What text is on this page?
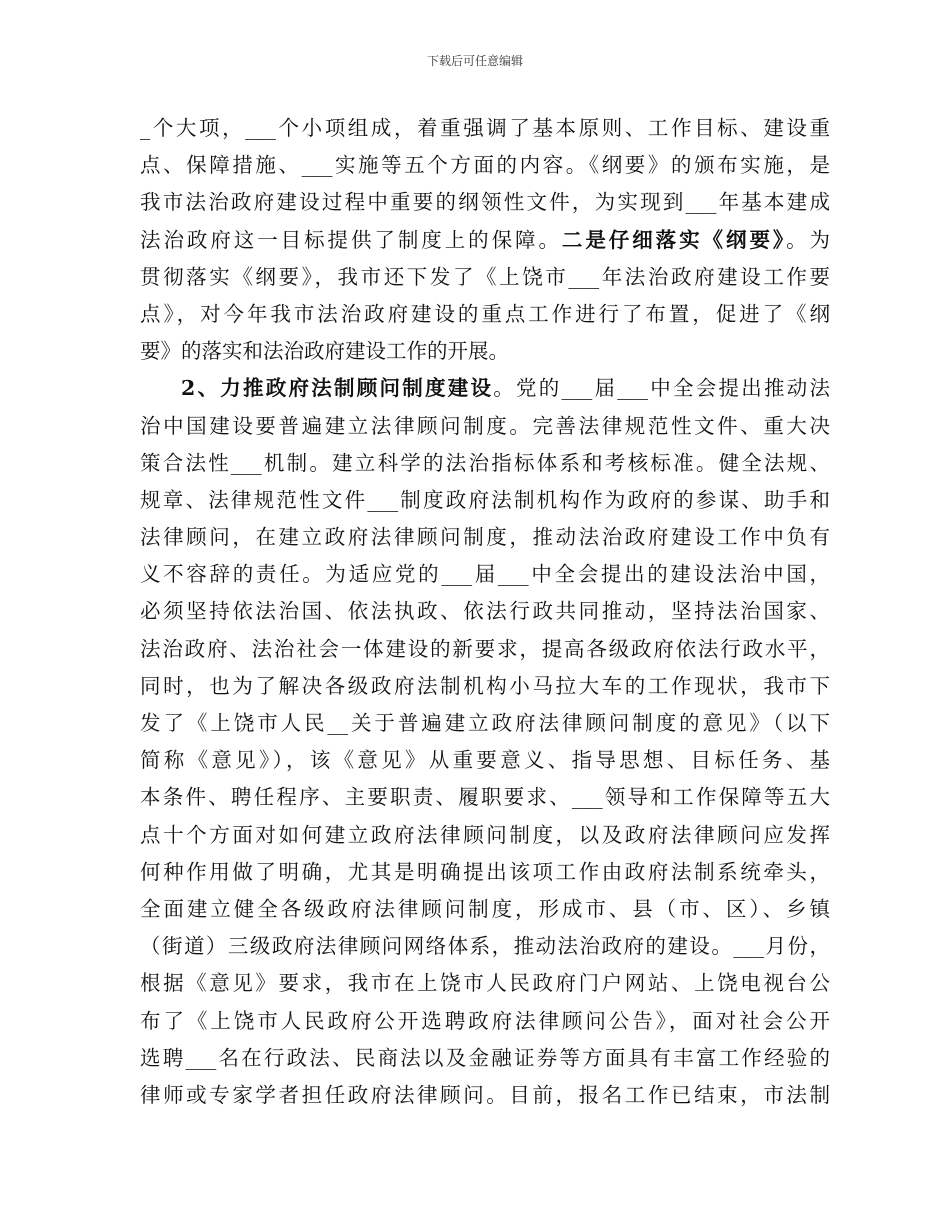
下载后可任意编辑
_个大项，___个小项组成，着重强调了基本原则、工作目标、建设重
点、保障措施、___实施等五个方面的内容。《纲要》的颁布实施，是
我市法治政府建设过程中重要的纲领性文件，为实现到___年基本建成
法治政府这一目标提供了制度上的保障。二是仔细落实《纲要》。为
贯彻落实《纲要》，我市还下发了《上饶市___年法治政府建设工作要
点》，对今年我市法治政府建设的重点工作进行了布置，促进了《纲
要》的落实和法治政府建设工作的开展。
2、力推政府法制顾问制度建设。党的___届___中全会提出推动法
治中国建设要普遍建立法律顾问制度。完善法律规范性文件、重大决
策合法性___机制。建立科学的法治指标体系和考核标准。健全法规、
规章、法律规范性文件___制度政府法制机构作为政府的参谋、助手和
法律顾问，在建立政府法律顾问制度，推动法治政府建设工作中负有
义不容辞的责任。为适应党的___届___中全会提出的建设法治中国，
必须坚持依法治国、依法执政、依法行政共同推动，坚持法治国家、
法治政府、法治社会一体建设的新要求，提高各级政府依法行政水平，
同时，也为了解决各级政府法制机构小马拉大车的工作现状，我市下
发了《上饶市人民__关于普遍建立政府法律顾问制度的意见》（以下
简称《意见》），该《意见》从重要意义、指导思想、目标任务、基
本条件、聘任程序、主要职责、履职要求、___领导和工作保障等五大
点十个方面对如何建立政府法律顾问制度，以及政府法律顾问应发挥
何种作用做了明确，尤其是明确提出该项工作由政府法制系统牵头，
全面建立健全各级政府法律顾问制度，形成市、县（市、区）、乡镇
（街道）三级政府法律顾问网络体系，推动法治政府的建设。___月份，
根据《意见》要求，我市在上饶市人民政府门户网站、上饶电视台公
布了《上饶市人民政府公开选聘政府法律顾问公告》，面对社会公开
选聘___名在行政法、民商法以及金融证券等方面具有丰富工作经验的
律师或专家学者担任政府法律顾问。目前，报名工作已结束，市法制
